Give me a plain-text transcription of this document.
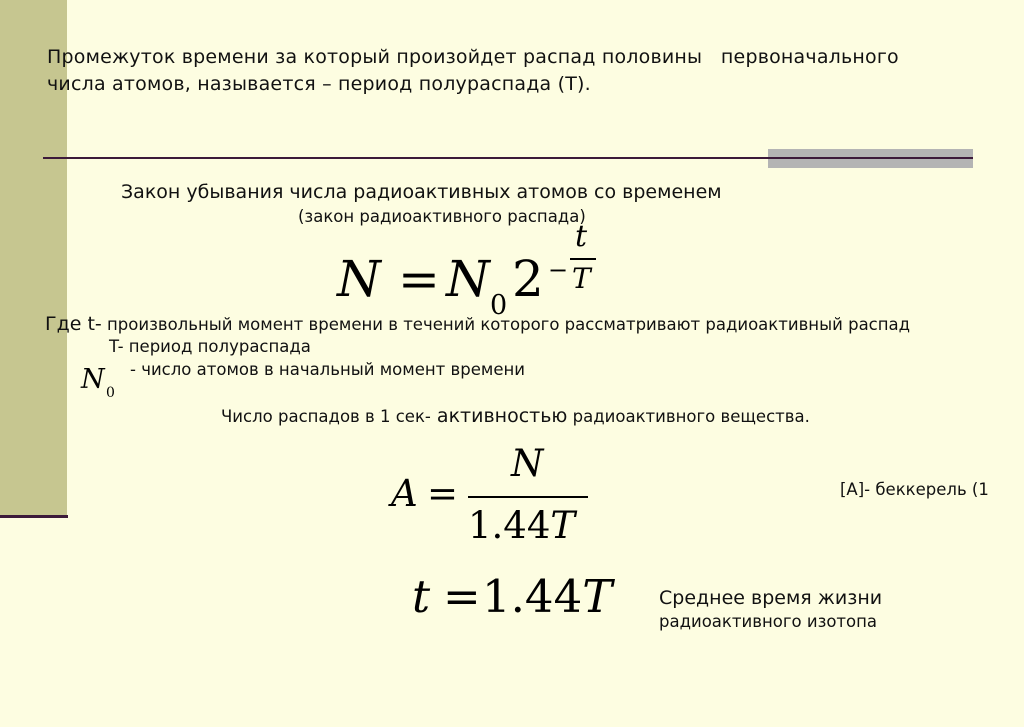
Промежуток времени за который произойдет распад половины   первоначального
числа атомов, называется – период полураспада (T).
Закон убывания числа радиоактивных атомов со временем
(закон радиоактивного распада)
N = N 0 2 −
t
T
Где t- произвольный момент времени в течений которого рассматривают радиоактивный распад
T- период полураспада
N 0
- число атомов в начальный момент времени
Число распадов в 1 сек- активностью радиоактивного вещества.
A =
N
1.44T
[A]- беккерель (1
t = 1.44T Среднее время жизни
радиоактивного изотопа
